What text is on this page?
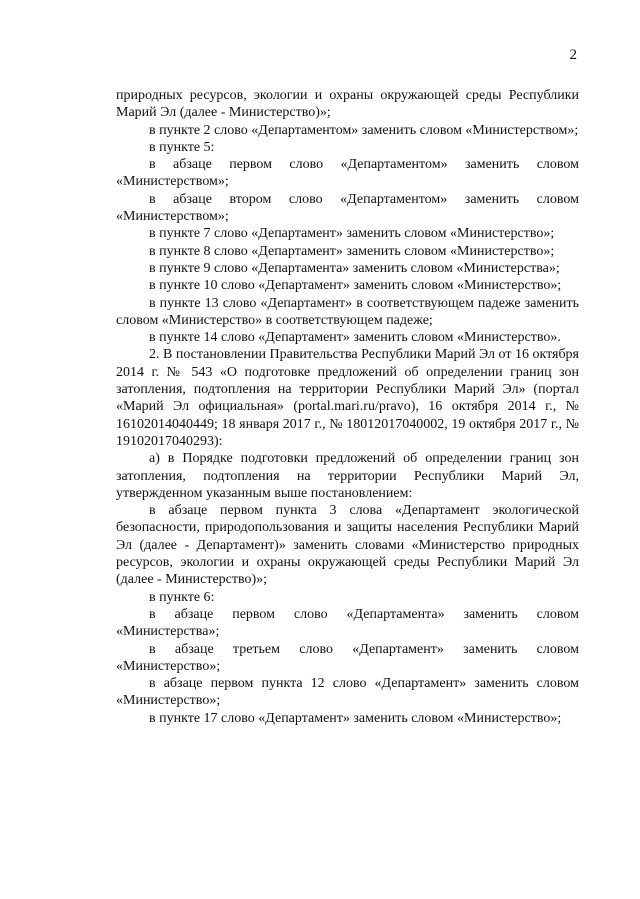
2

природных ресурсов, экологии и охраны окружающей среды Республики Марий Эл (далее - Министерство)»;

в пункте 2 слово «Департаментом» заменить словом «Министерством»;

в пункте 5:

в абзаце первом слово «Департаментом» заменить словом «Министерством»;

в абзаце втором слово «Департаментом» заменить словом «Министерством»;

в пункте 7 слово «Департамент» заменить словом «Министерство»;

в пункте 8 слово «Департамент» заменить словом «Министерство»;

в пункте 9 слово «Департамента» заменить словом «Министерства»;

в пункте 10 слово «Департамент» заменить словом «Министерство»;

в пункте 13 слово «Департамент» в соответствующем падеже заменить словом «Министерство» в соответствующем падеже;

в пункте 14 слово «Департамент» заменить словом «Министерство».

2. В постановлении Правительства Республики Марий Эл от 16 октября 2014 г. № 543 «О подготовке предложений об определении границ зон затопления, подтопления на территории Республики Марий Эл» (портал «Марий Эл официальная» (portal.mari.ru/pravo), 16 октября 2014 г., № 16102014040449; 18 января 2017 г., № 18012017040002, 19 октября 2017 г., № 19102017040293):

а) в Порядке подготовки предложений об определении границ зон затопления, подтопления на территории Республики Марий Эл, утвержденном указанным выше постановлением:

в абзаце первом пункта 3 слова «Департамент экологической безопасности, природопользования и защиты населения Республики Марий Эл (далее - Департамент)» заменить словами «Министерство природных ресурсов, экологии и охраны окружающей среды Республики Марий Эл (далее - Министерство)»;

в пункте 6:

в абзаце первом слово «Департамента» заменить словом «Министерства»;

в абзаце третьем слово «Департамент» заменить словом «Министерство»;

в абзаце первом пункта 12 слово «Департамент» заменить словом «Министерство»;

в пункте 17 слово «Департамент» заменить словом «Министерство»;
